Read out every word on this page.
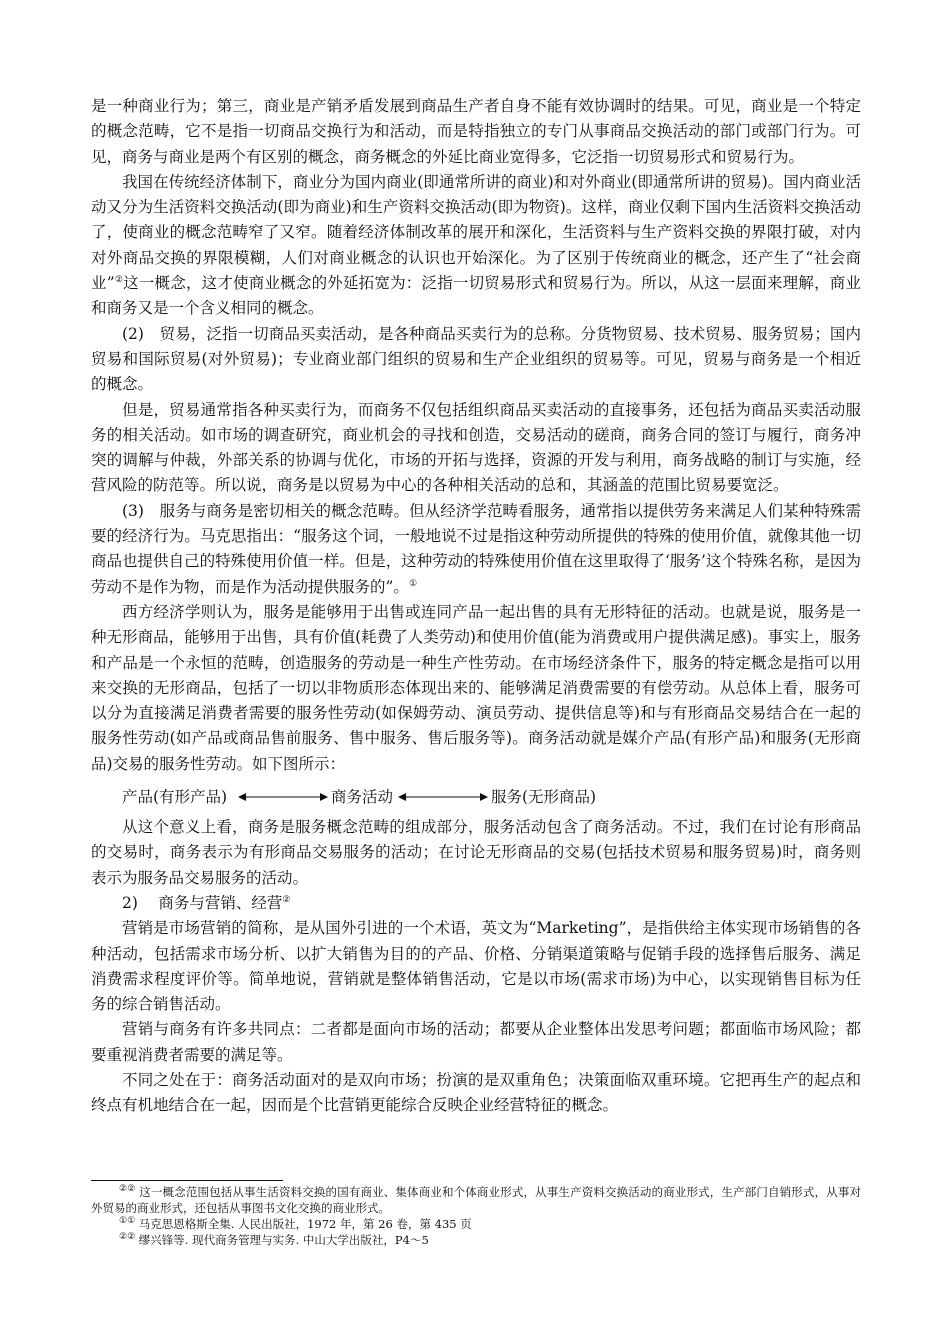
是一种商业行为；第三，商业是产销矛盾发展到商品生产者自身不能有效协调时的结果。可见，商业是一个特定的概念范畴，它不是指一切商品交换行为和活动，而是特指独立的专门从事商品交换活动的部门或部门行为。可见，商务与商业是两个有区别的概念，商务概念的外延比商业宽得多，它泛指一切贸易形式和贸易行为。

我国在传统经济体制下，商业分为国内商业(即通常所讲的商业)和对外商业(即通常所讲的贸易)。国内商业活动又分为生活资料交换活动(即为商业)和生产资料交换活动(即为物资)。这样，商业仅剩下国内生活资料交换活动了，使商业的概念范畴窄了又窄。随着经济体制改革的展开和深化，生活资料与生产资料交换的界限打破，对内对外商品交换的界限模糊，人们对商业概念的认识也开始深化。为了区别于传统商业的概念，还产生了“社会商业”②这一概念，这才使商业概念的外延拓宽为：泛指一切贸易形式和贸易行为。所以，从这一层面来理解，商业和商务又是一个含义相同的概念。

(2)　贸易，泛指一切商品买卖活动，是各种商品买卖行为的总称。分货物贸易、技术贸易、服务贸易；国内贸易和国际贸易(对外贸易)；专业商业部门组织的贸易和生产企业组织的贸易等。可见，贸易与商务是一个相近的概念。

但是，贸易通常指各种买卖行为，而商务不仅包括组织商品买卖活动的直接事务，还包括为商品买卖活动服务的相关活动。如市场的调查研究，商业机会的寻找和创造，交易活动的磋商，商务合同的签订与履行，商务冲突的调解与仲裁，外部关系的协调与优化，市场的开拓与选择，资源的开发与利用，商务战略的制订与实施，经营风险的防范等。所以说，商务是以贸易为中心的各种相关活动的总和，其涵盖的范围比贸易要宽泛。

(3)　服务与商务是密切相关的概念范畴。但从经济学范畴看服务，通常指以提供劳务来满足人们某种特殊需要的经济行为。马克思指出：“服务这个词，一般地说不过是指这种劳动所提供的特殊的使用价值，就像其他一切商品也提供自己的特殊使用价值一样。但是，这种劳动的特殊使用价值在这里取得了‘服务’这个特殊名称，是因为劳动不是作为物，而是作为活动提供服务的”。①

西方经济学则认为，服务是能够用于出售或连同产品一起出售的具有无形特征的活动。也就是说，服务是一种无形商品，能够用于出售，具有价值(耗费了人类劳动)和使用价值(能为消费或用户提供满足感)。事实上，服务和产品是一个永恒的范畴，创造服务的劳动是一种生产性劳动。在市场经济条件下，服务的特定概念是指可以用来交换的无形商品，包括了一切以非物质形态体现出来的、能够满足消费需要的有偿劳动。从总体上看，服务可以分为直接满足消费者需要的服务性劳动(如保姆劳动、演员劳动、提供信息等)和与有形商品交易结合在一起的服务性劳动(如产品或商品售前服务、售中服务、售后服务等)。商务活动就是媒介产品(有形产品)和服务(无形商品)交易的服务性劳动。如下图所示：

产品(有形产品)	商务活动	服务(无形商品)

从这个意义上看，商务是服务概念范畴的组成部分，服务活动包含了商务活动。不过，我们在讨论有形商品的交易时，商务表示为有形商品交易服务的活动；在讨论无形商品的交易(包括技术贸易和服务贸易)时，商务则表示为服务品交易服务的活动。

2)　 商务与营销、经营②

营销是市场营销的简称，是从国外引进的一个术语，英文为“Marketing”，是指供给主体实现市场销售的各种活动，包括需求市场分析、以扩大销售为目的的产品、价格、分销渠道策略与促销手段的选择售后服务、满足消费需求程度评价等。简单地说，营销就是整体销售活动，它是以市场(需求市场)为中心，以实现销售目标为任务的综合销售活动。

营销与商务有许多共同点：二者都是面向市场的活动；都要从企业整体出发思考问题；都面临市场风险；都要重视消费者需要的满足等。

不同之处在于：商务活动面对的是双向市场；扮演的是双重角色；决策面临双重环境。它把再生产的起点和终点有机地结合在一起，因而是个比营销更能综合反映企业经营特征的概念。

②② 这一概念范围包括从事生活资料交换的国有商业、集体商业和个体商业形式，从事生产资料交换活动的商业形式，生产部门自销形式，从事对外贸易的商业形式，还包括从事图书文化交换的商业形式。

①① 马克思恩格斯全集. 人民出版社，1972 年，第 26 卷，第 435 页

②② 缪兴锋等. 现代商务管理与实务. 中山大学出版社，P4～5
